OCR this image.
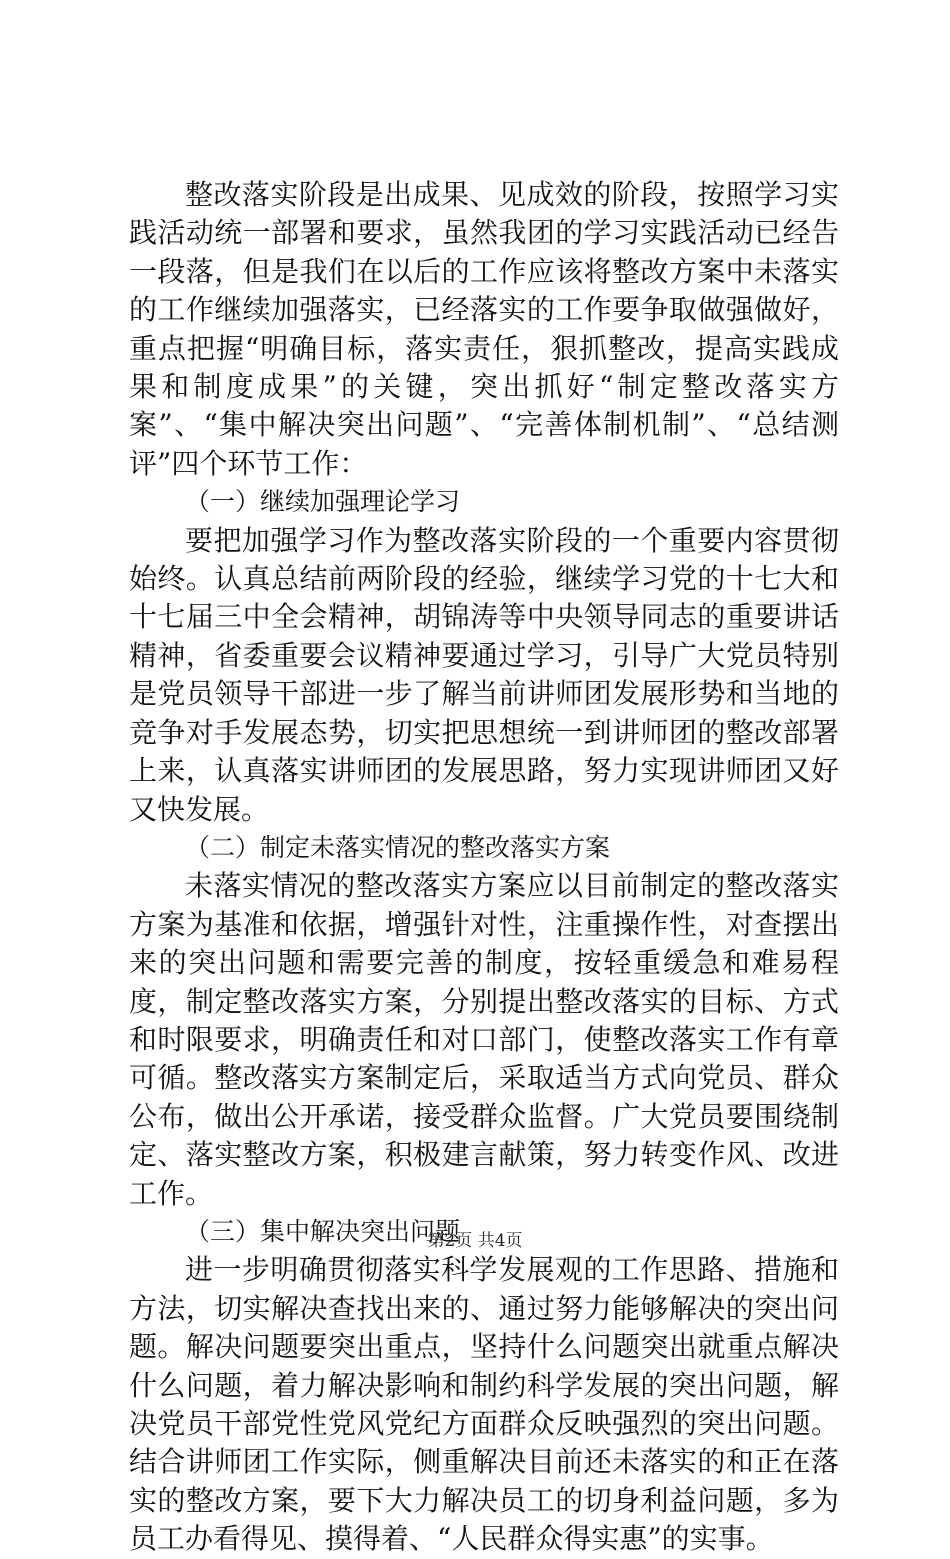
整改落实阶段是出成果、见成效的阶段，按照学习实践活动统一部署和要求，虽然我团的学习实践活动已经告一段落，但是我们在以后的工作应该将整改方案中未落实的工作继续加强落实，已经落实的工作要争取做强做好，重点把握“明确目标，落实责任，狠抓整改，提高实践成果和制度成果”的关键，突出抓好“制定整改落实方案”、“集中解决突出问题”、“完善体制机制”、“总结测评”四个环节工作：

（一）继续加强理论学习

要把加强学习作为整改落实阶段的一个重要内容贯彻始终。认真总结前两阶段的经验，继续学习党的十七大和十七届三中全会精神，胡锦涛等中央领导同志的重要讲话精神，省委重要会议精神要通过学习，引导广大党员特别是党员领导干部进一步了解当前讲师团发展形势和当地的竞争对手发展态势，切实把思想统一到讲师团的整改部署上来，认真落实讲师团的发展思路，努力实现讲师团又好又快发展。

（二）制定未落实情况的整改落实方案

未落实情况的整改落实方案应以目前制定的整改落实方案为基准和依据，增强针对性，注重操作性，对查摆出来的突出问题和需要完善的制度，按轻重缓急和难易程度，制定整改落实方案，分别提出整改落实的目标、方式和时限要求，明确责任和对口部门，使整改落实工作有章可循。整改落实方案制定后，采取适当方式向党员、群众公布，做出公开承诺，接受群众监督。广大党员要围绕制定、落实整改方案，积极建言献策，努力转变作风、改进工作。

（三）集中解决突出问题

进一步明确贯彻落实科学发展观的工作思路、措施和方法，切实解决查找出来的、通过努力能够解决的突出问题。解决问题要突出重点，坚持什么问题突出就重点解决什么问题，着力解决影响和制约科学发展的突出问题，解决党员干部党性党风党纪方面群众反映强烈的突出问题。结合讲师团工作实际，侧重解决目前还未落实的和正在落实的整改方案，要下大力解决员工的切身利益问题，多为员工办看得见、摸得着、“人民群众得实惠”的实事。

第2页 共4页
